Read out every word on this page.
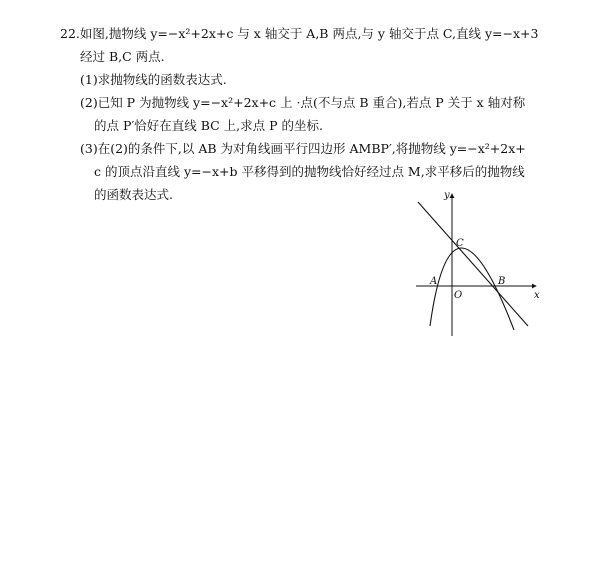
22.如图,抛物线 y=−x²+2x+c 与 x 轴交于 A,B 两点,与 y 轴交于点 C,直线 y=−x+3
经过 B,C 两点.
(1)求抛物线的函数表达式.
(2)已知 P 为抛物线 y=−x²+2x+c 上 ·点(不与点 B 重合),若点 P 关于 x 轴对称
的点 P′恰好在直线 BC 上,求点 P 的坐标.
(3)在(2)的条件下,以 AB 为对角线画平行四边形 AMBP′,将抛物线 y=−x²+2x+
c 的顶点沿直线 y=−x+b 平移得到的抛物线恰好经过点 M,求平移后的抛物线
的函数表达式.	y
x
O
A	B
C
